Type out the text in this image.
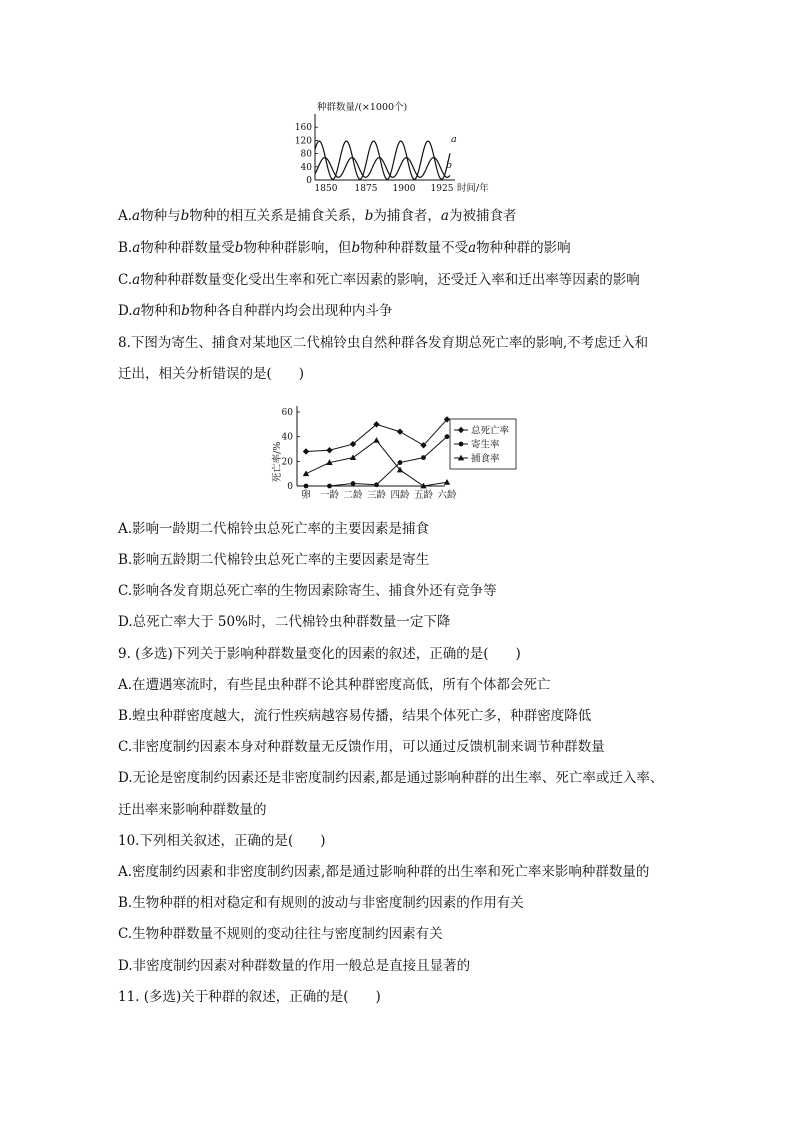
种群数量/(×1000个)
160
120
80
40
0
1850 1875 1900 1925
a
b
时间/年
A.a物种与b物种的相互关系是捕食关系，b为捕食者，a为被捕食者
B.a物种种群数量受b物种种群影响，但b物种种群数量不受a物种种群的影响
C.a物种种群数量变化受出生率和死亡率因素的影响，还受迁入率和迁出率等因素的影响
D.a物种和b物种各自种群内均会出现种内斗争
8.下图为寄生、捕食对某地区二代棉铃虫自然种群各发育期总死亡率的影响,不考虑迁入和
迁出，相关分析错误的是(　　)
死亡率/%
60
40
20
0
卵 一龄 二龄 三龄 四龄 五龄 六龄
总死亡率
寄生率
捕食率
A.影响一龄期二代棉铃虫总死亡率的主要因素是捕食
B.影响五龄期二代棉铃虫总死亡率的主要因素是寄生
C.影响各发育期总死亡率的生物因素除寄生、捕食外还有竞争等
D.总死亡率大于 50%时，二代棉铃虫种群数量一定下降
9. (多选)下列关于影响种群数量变化的因素的叙述，正确的是(　　)
A.在遭遇寒流时，有些昆虫种群不论其种群密度高低，所有个体都会死亡
B.蝗虫种群密度越大，流行性疾病越容易传播，结果个体死亡多，种群密度降低
C.非密度制约因素本身对种群数量无反馈作用，可以通过反馈机制来调节种群数量
D.无论是密度制约因素还是非密度制约因素,都是通过影响种群的出生率、死亡率或迁入率、
迁出率来影响种群数量的
10.下列相关叙述，正确的是(　　)
A.密度制约因素和非密度制约因素,都是通过影响种群的出生率和死亡率来影响种群数量的
B.生物种群的相对稳定和有规则的波动与非密度制约因素的作用有关
C.生物种群数量不规则的变动往往与密度制约因素有关
D.非密度制约因素对种群数量的作用一般总是直接且显著的
11. (多选)关于种群的叙述，正确的是(　　)
